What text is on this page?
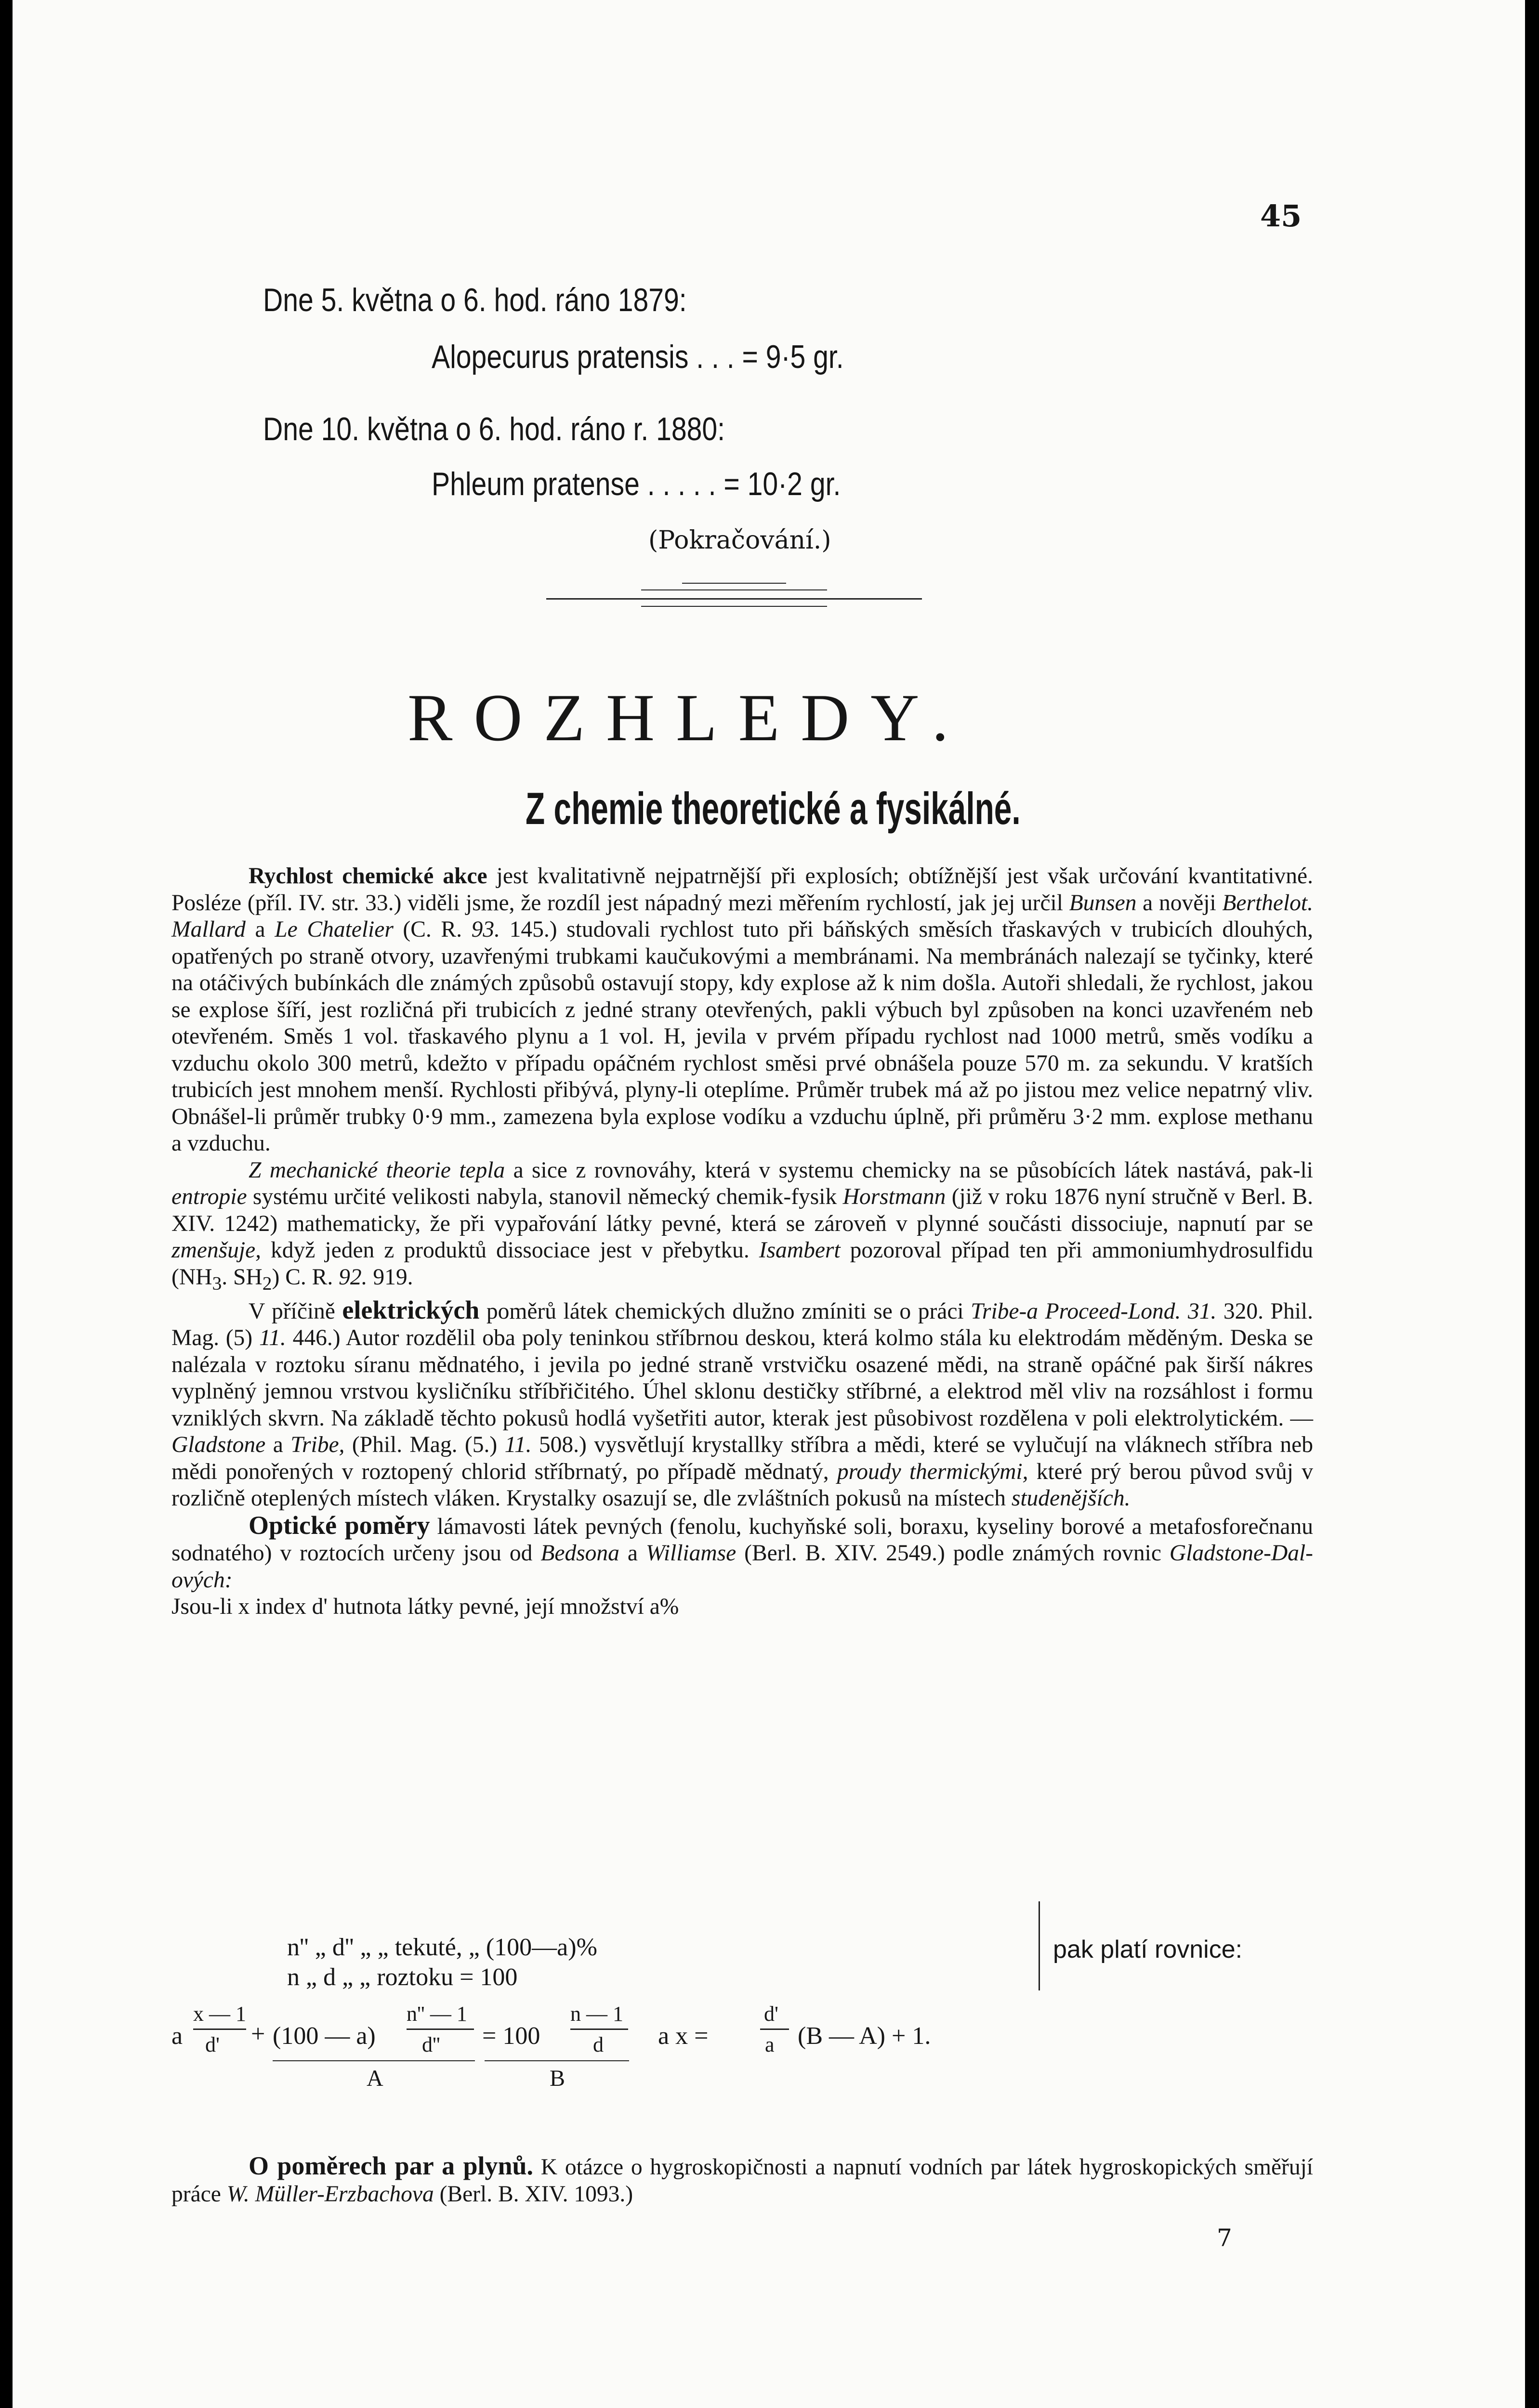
45
Dne 5. května o 6. hod. ráno 1879:
Alopecurus pratensis . . . = 9·5 gr.
Dne 10. května o 6. hod. ráno r. 1880:
Phleum pratense . . . . . = 10·2 gr.
(Pokračování.)
ROZHLEDY.
Z chemie theoretické a fysikálné.

Rychlost chemické akce jest kvalitativně nejpatrnější při explosích; obtížnější jest však určování kvantitativné. Posléze (příl. IV. str. 33.) viděli jsme, že rozdíl jest nápadný mezi měřením rychlostí, jak jej určil Bunsen a nověji Berthelot. Mallard a Le Chatelier (C. R. 93. 145.) studovali rychlost tuto při báňských směsích třaskavých v trubicích dlouhých, opatřených po straně otvory, uzavřenými trubkami kaučukovými a membránami. Na membránách nalezají se tyčinky, které na otáčivých bubínkách dle známých způsobů ostavují stopy, kdy explose až k nim došla. Autoři shledali, že rychlost, jakou se explose šíří, jest rozličná při trubicích z jedné strany otevřených, pakli výbuch byl způsoben na konci uzavřeném neb otevřeném. Směs 1 vol. třaskavého plynu a 1 vol. H, jevila v prvém případu rychlost nad 1000 metrů, směs vodíku a vzduchu okolo 300 metrů, kdežto v případu opáčném rychlost směsi prvé obnášela pouze 570 m. za sekundu. V kratších trubicích jest mnohem menší. Rychlosti přibývá, plyny-li oteplíme. Průměr trubek má až po jistou mez velice nepatrný vliv. Obnášel-li průměr trubky 0·9 mm., zamezena byla explose vodíku a vzduchu úplně, při průměru 3·2 mm. explose methanu a vzduchu.

Z mechanické theorie tepla a sice z rovnováhy, která v systemu chemicky na se působících látek nastává, pak-li entropie systému určité velikosti nabyla, stanovil německý chemik-fysik Horstmann (již v roku 1876 nyní stručně v Berl. B. XIV. 1242) mathematicky, že při vypařování látky pevné, která se zároveň v plynné součásti dissociuje, napnutí par se zmenšuje, když jeden z produktů dissociace jest v přebytku. Isambert pozoroval případ ten při ammoniumhydrosulfidu ($NH_3$. $SH_2$) C. R. 92. 919.

V příčině elektrických poměrů látek chemických dlužno zmíniti se o práci Tribe-a Proceed-Lond. 31. 320. Phil. Mag. (5) 11. 446.) Autor rozdělil oba poly teninkou stříbrnou deskou, která kolmo stála ku elektrodám měděným. Deska se nalézala v roztoku síranu mědnatého, i jevila po jedné straně vrstvičku osazené mědi, na straně opáčné pak širší nákres vyplněný jemnou vrstvou kysličníku stříbřičitého. Úhel sklonu destičky stříbrné, a elektrod měl vliv na rozsáhlost i formu vzniklých skvrn. Na základě těchto pokusů hodlá vyšetřiti autor, kterak jest působivost rozdělena v poli elektrolytickém. — Gladstone a Tribe, (Phil. Mag. (5.) 11. 508.) vysvětlují krystallky stříbra a mědi, které se vylučují na vláknech stříbra neb mědi ponořených v roztopený chlorid stříbrnatý, po případě mědnatý, proudy thermickými, které prý berou původ svůj v rozličně oteplených místech vláken. Krystalky osazují se, dle zvláštních pokusů na místech studenějších.

Optické poměry lámavosti látek pevných (fenolu, kuchyňské soli, boraxu, kyseliny borové a metafosforečnanu sodnatého) v roztocích určeny jsou od Bedsona a Williamse (Berl. B. XIV. 2549.) podle známých rovnic Gladstone-Dal-ových:

Jsou-li x index d' hutnota látky pevné, její množství a%

n'' „ d'' „ „ tekuté, „ (100—a)%
n „ d „ „ roztoku = 100
pak platí rovnice:
a
x — 1
d' + (100 — a)
n'' — 1
d'' = 100
n — 1
d a x =
d'
a (B — A) + 1.
A	B

O poměrech par a plynů. K otázce o hygroskopičnosti a napnutí vodních par látek hygroskopických směřují práce W. Müller-Erzbachova (Berl. B. XIV. 1093.)

7
